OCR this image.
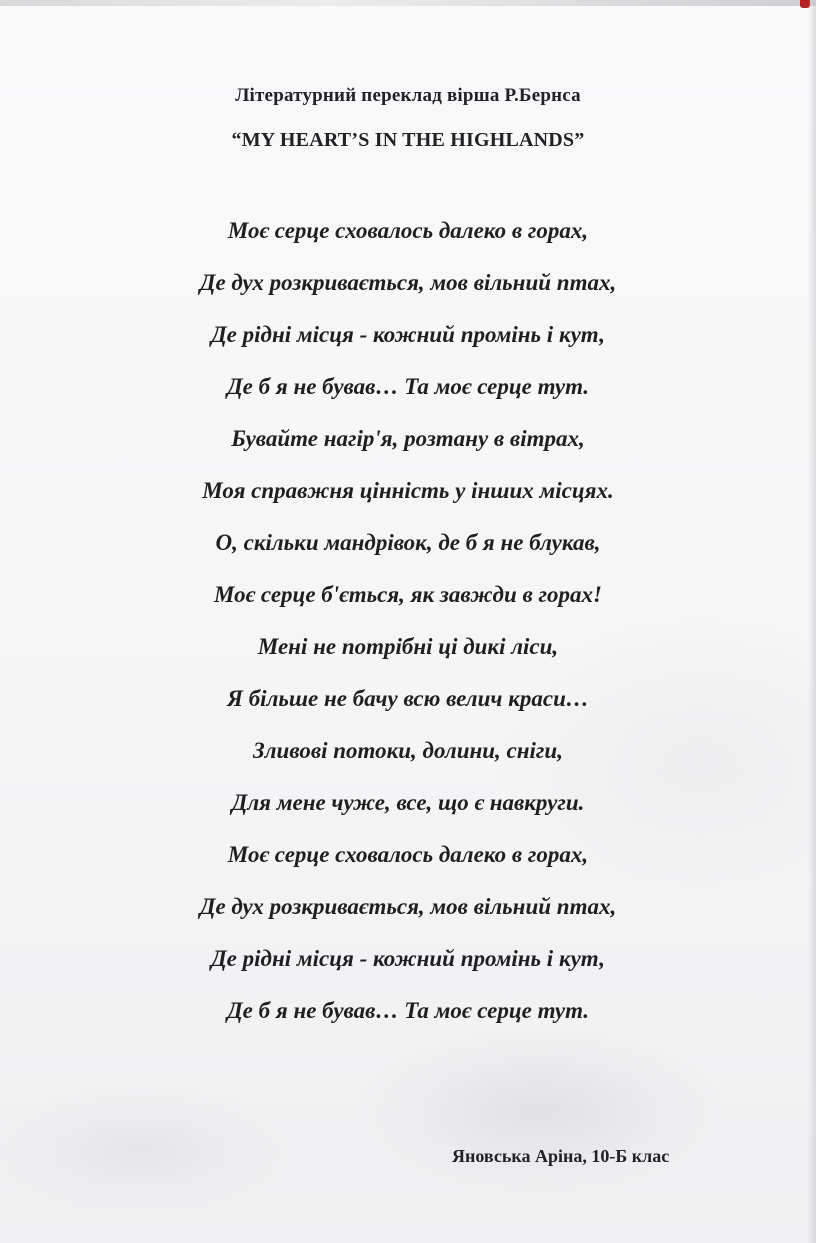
Літературний переклад вірша Р.Бернса
“MY HEART’S IN THE HIGHLANDS”
Моє серце сховалось далеко в горах,
Де дух розкривається, мов вільний птах,
Де рідні місця - кожний промінь і кут,
Де б я не бував… Та моє серце тут.
Бувайте нагір'я, розтану в вітрах,
Моя справжня цінність у інших місцях.
О, скільки мандрівок, де б я не блукав,
Моє серце б'ється, як завжди в горах!
Мені не потрібні ці дикі ліси,
Я більше не бачу всю велич краси…
Зливові потоки, долини, сніги,
Для мене чуже, все, що є навкруги.
Моє серце сховалось далеко в горах,
Де дух розкривається, мов вільний птах,
Де рідні місця - кожний промінь і кут,
Де б я не бував… Та моє серце тут.
Яновська Аріна, 10-Б клас
